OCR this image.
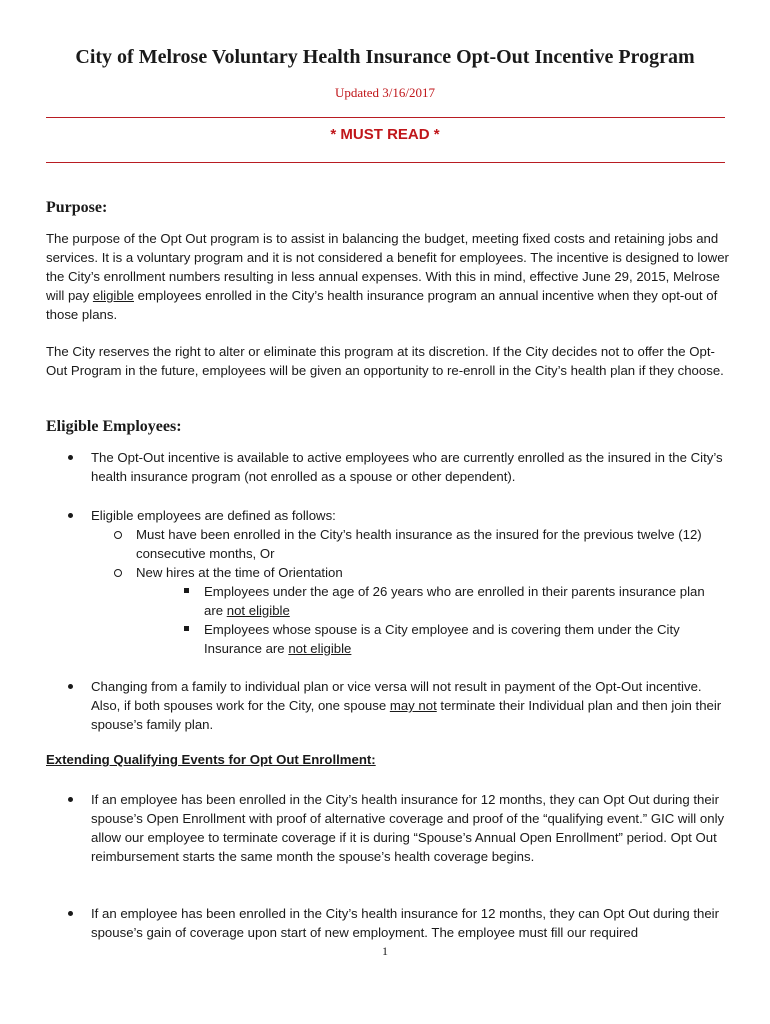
City of Melrose Voluntary Health Insurance Opt-Out Incentive Program
Updated 3/16/2017
* MUST READ *
Purpose:

The purpose of the Opt Out program is to assist in balancing the budget, meeting fixed costs and retaining jobs and services. It is a voluntary program and it is not considered a benefit for employees. The incentive is designed to lower the City’s enrollment numbers resulting in less annual expenses. With this in mind, effective June 29, 2015, Melrose will pay eligible employees enrolled in the City’s health insurance program an annual incentive when they opt-out of those plans.

The City reserves the right to alter or eliminate this program at its discretion. If the City decides not to offer the Opt-Out Program in the future, employees will be given an opportunity to re-enroll in the City’s health plan if they choose.

Eligible Employees:

The Opt-Out incentive is available to active employees who are currently enrolled as the insured in the City’s health insurance program (not enrolled as a spouse or other dependent).

Eligible employees are defined as follows:

Must have been enrolled in the City’s health insurance as the insured for the previous twelve (12) consecutive months, Or

New hires at the time of Orientation

Employees under the age of 26 years who are enrolled in their parents insurance plan are not eligible

Employees whose spouse is a City employee and is covering them under the City Insurance are not eligible

Changing from a family to individual plan or vice versa will not result in payment of the Opt-Out incentive. Also, if both spouses work for the City, one spouse may not terminate their Individual plan and then join their spouse’s family plan.

Extending Qualifying Events for Opt Out Enrollment:

If an employee has been enrolled in the City’s health insurance for 12 months, they can Opt Out during their spouse’s Open Enrollment with proof of alternative coverage and proof of the “qualifying event.” GIC will only allow our employee to terminate coverage if it is during “Spouse’s Annual Open Enrollment” period. Opt Out reimbursement starts the same month the spouse’s health coverage begins.

If an employee has been enrolled in the City’s health insurance for 12 months, they can Opt Out during their spouse’s gain of coverage upon start of new employment. The employee must fill our required

1
